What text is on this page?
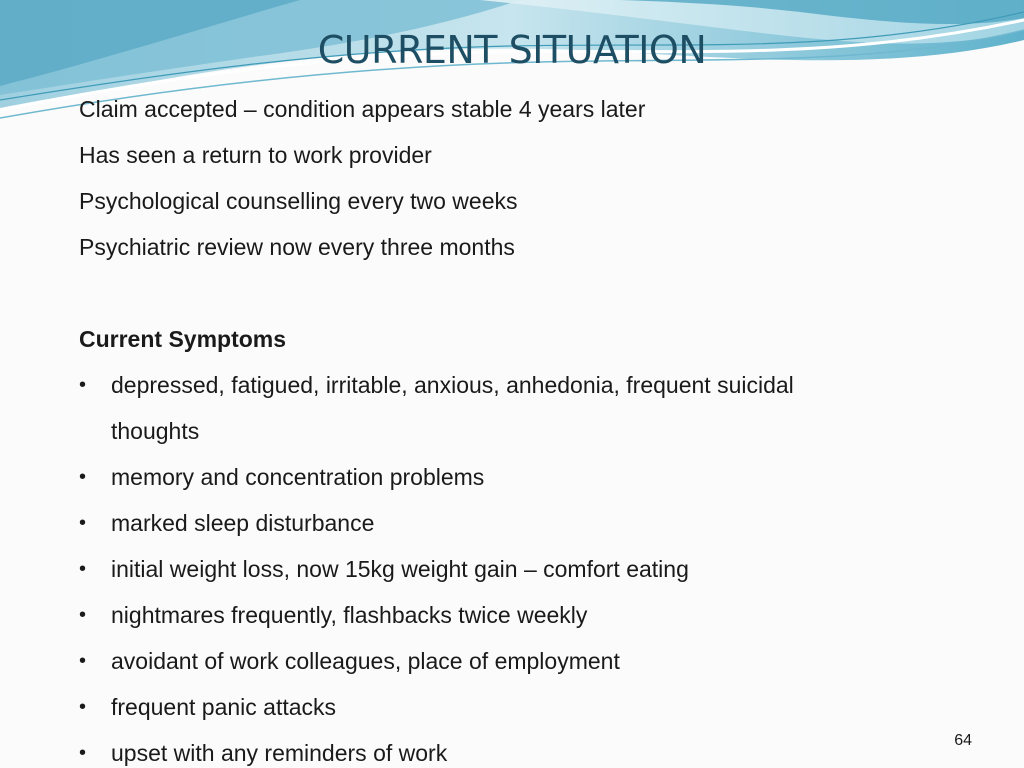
CURRENT SITUATION
Claim accepted – condition appears stable 4 years later
Has seen a return to work provider
Psychological counselling every two weeks
Psychiatric review now every three months
Current Symptoms
•	depressed, fatigued, irritable, anxious, anhedonia, frequent suicidal
thoughts
•	memory and concentration problems
•	marked sleep disturbance
•	initial weight loss, now 15kg weight gain – comfort eating
•	nightmares frequently, flashbacks twice weekly
•	avoidant of work colleagues, place of employment
•	frequent panic attacks
•	upset with any reminders of work	64
